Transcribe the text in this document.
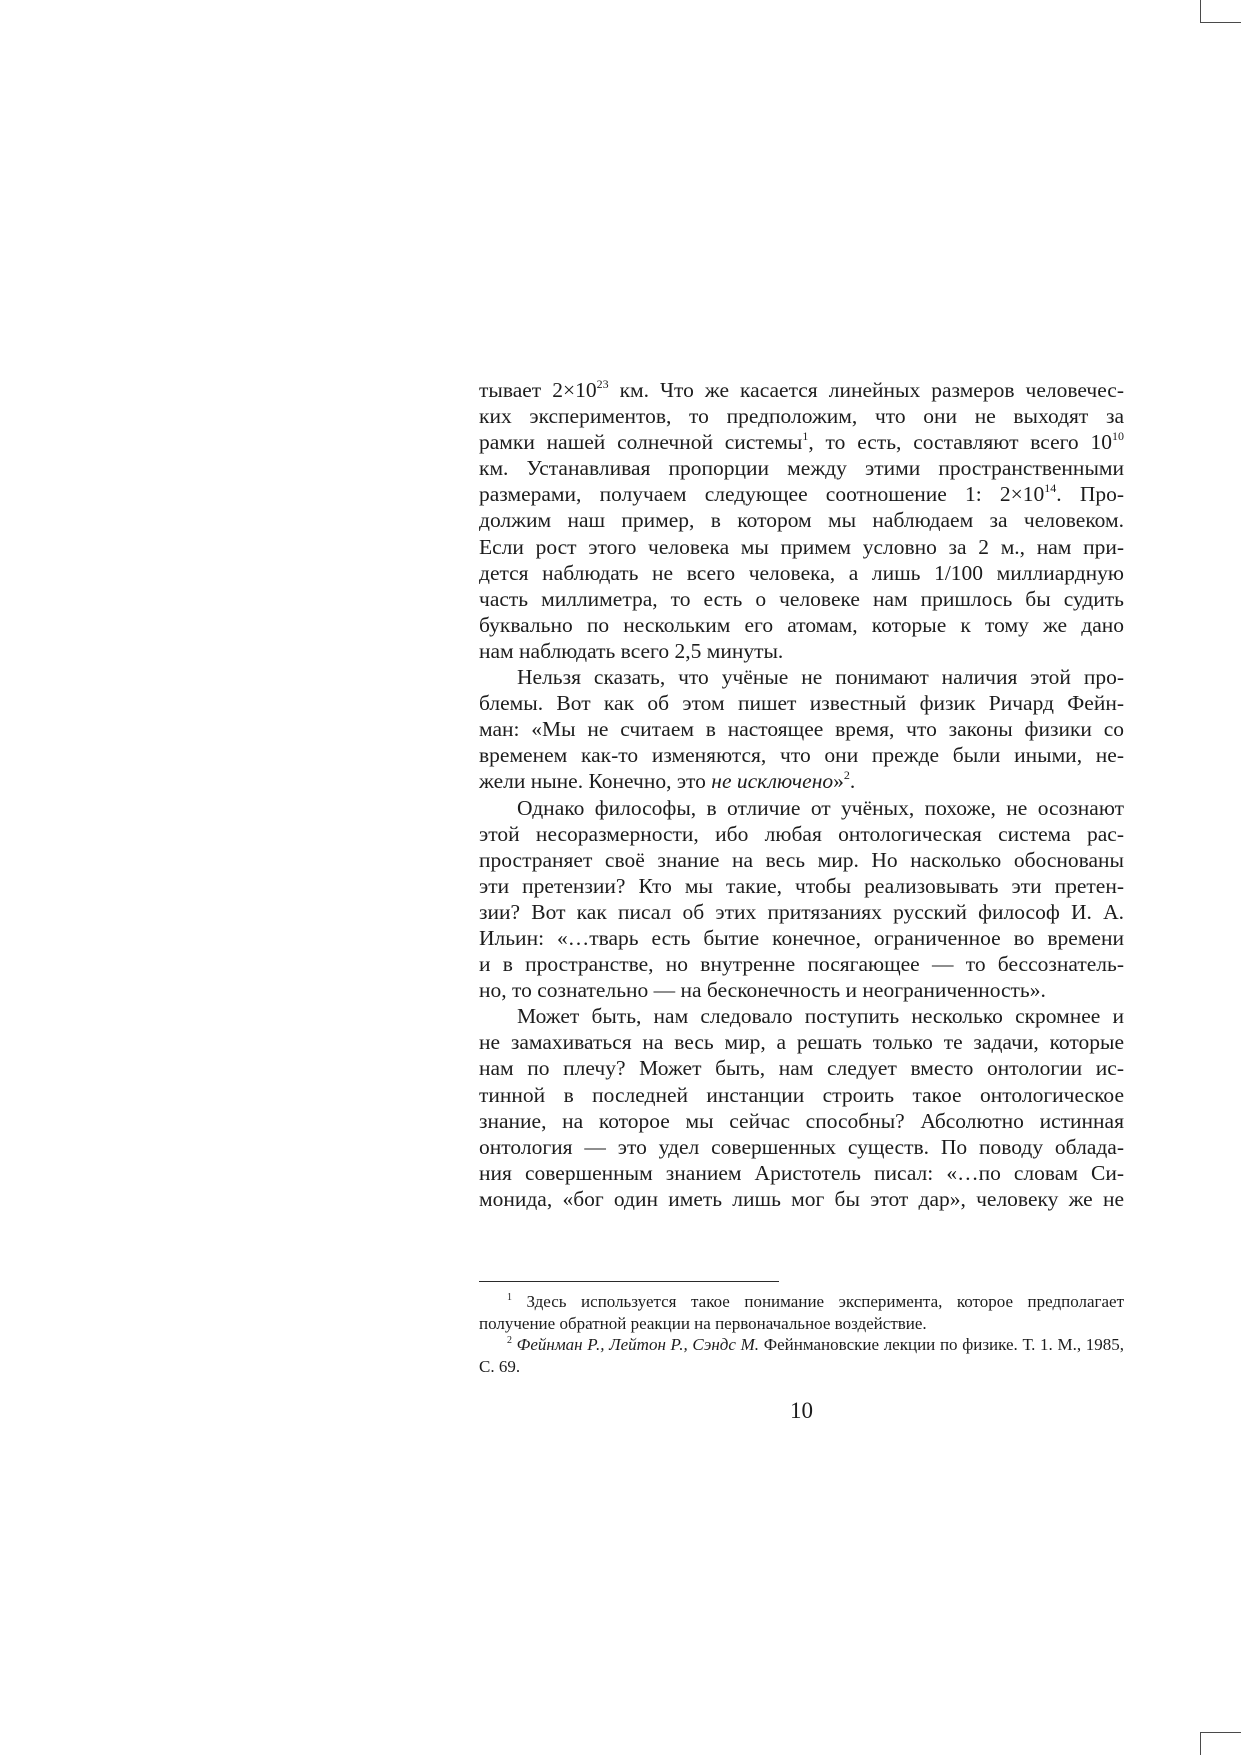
тывает $2\times 10^{23}$ км. Что же касается линейных размеров человечес-

ких экспериментов, то предположим, что они не выходят за

рамки нашей солнечной системы$^1$, то есть, составляют всего $10^{10}$

км. Устанавливая пропорции между этими пространственными

размерами, получаем следующее соотношение 1: $2\times 10^{14}$. Про-

должим наш пример, в котором мы наблюдаем за человеком.

Если рост этого человека мы примем условно за 2 м., нам при-

дется наблюдать не всего человека, а лишь 1/100 миллиардную

часть миллиметра, то есть о человеке нам пришлось бы судить

буквально по нескольким его атомам, которые к тому же дано

нам наблюдать всего 2,5 минуты.

Нельзя сказать, что учёные не понимают наличия этой про-

блемы. Вот как об этом пишет известный физик Ричард Фейн-

ман: «Мы не считаем в настоящее время, что законы физики со

временем как-то изменяются, что они прежде были иными, не-

жели ныне. Конечно, это не исключено»$^2$.

Однако философы, в отличие от учёных, похоже, не осознают

этой несоразмерности, ибо любая онтологическая система рас-

пространяет своё знание на весь мир. Но насколько обоснованы

эти претензии? Кто мы такие, чтобы реализовывать эти претен-

зии? Вот как писал об этих притязаниях русский философ И. А.

Ильин: «…тварь есть бытие конечное, ограниченное во времени

и в пространстве, но внутренне посягающее — то бессознатель-

но, то сознательно — на бесконечность и неограниченность».

Может быть, нам следовало поступить несколько скромнее и

не замахиваться на весь мир, а решать только те задачи, которые

нам по плечу? Может быть, нам следует вместо онтологии ис-

тинной в последней инстанции строить такое онтологическое

знание, на которое мы сейчас способны? Абсолютно истинная

онтология — это удел совершенных существ. По поводу облада-

ния совершенным знанием Аристотель писал: «…по словам Си-

монида, «бог один иметь лишь мог бы этот дар», человеку же не

$^1$ Здесь используется такое понимание эксперимента, которое предполагает получение обратной реакции на первоначальное воздействие.

$^2$ Фейнман Р., Лейтон Р., Сэндс М. Фейнмановские лекции по физике. Т. 1. М., 1985, С. 69.

10
